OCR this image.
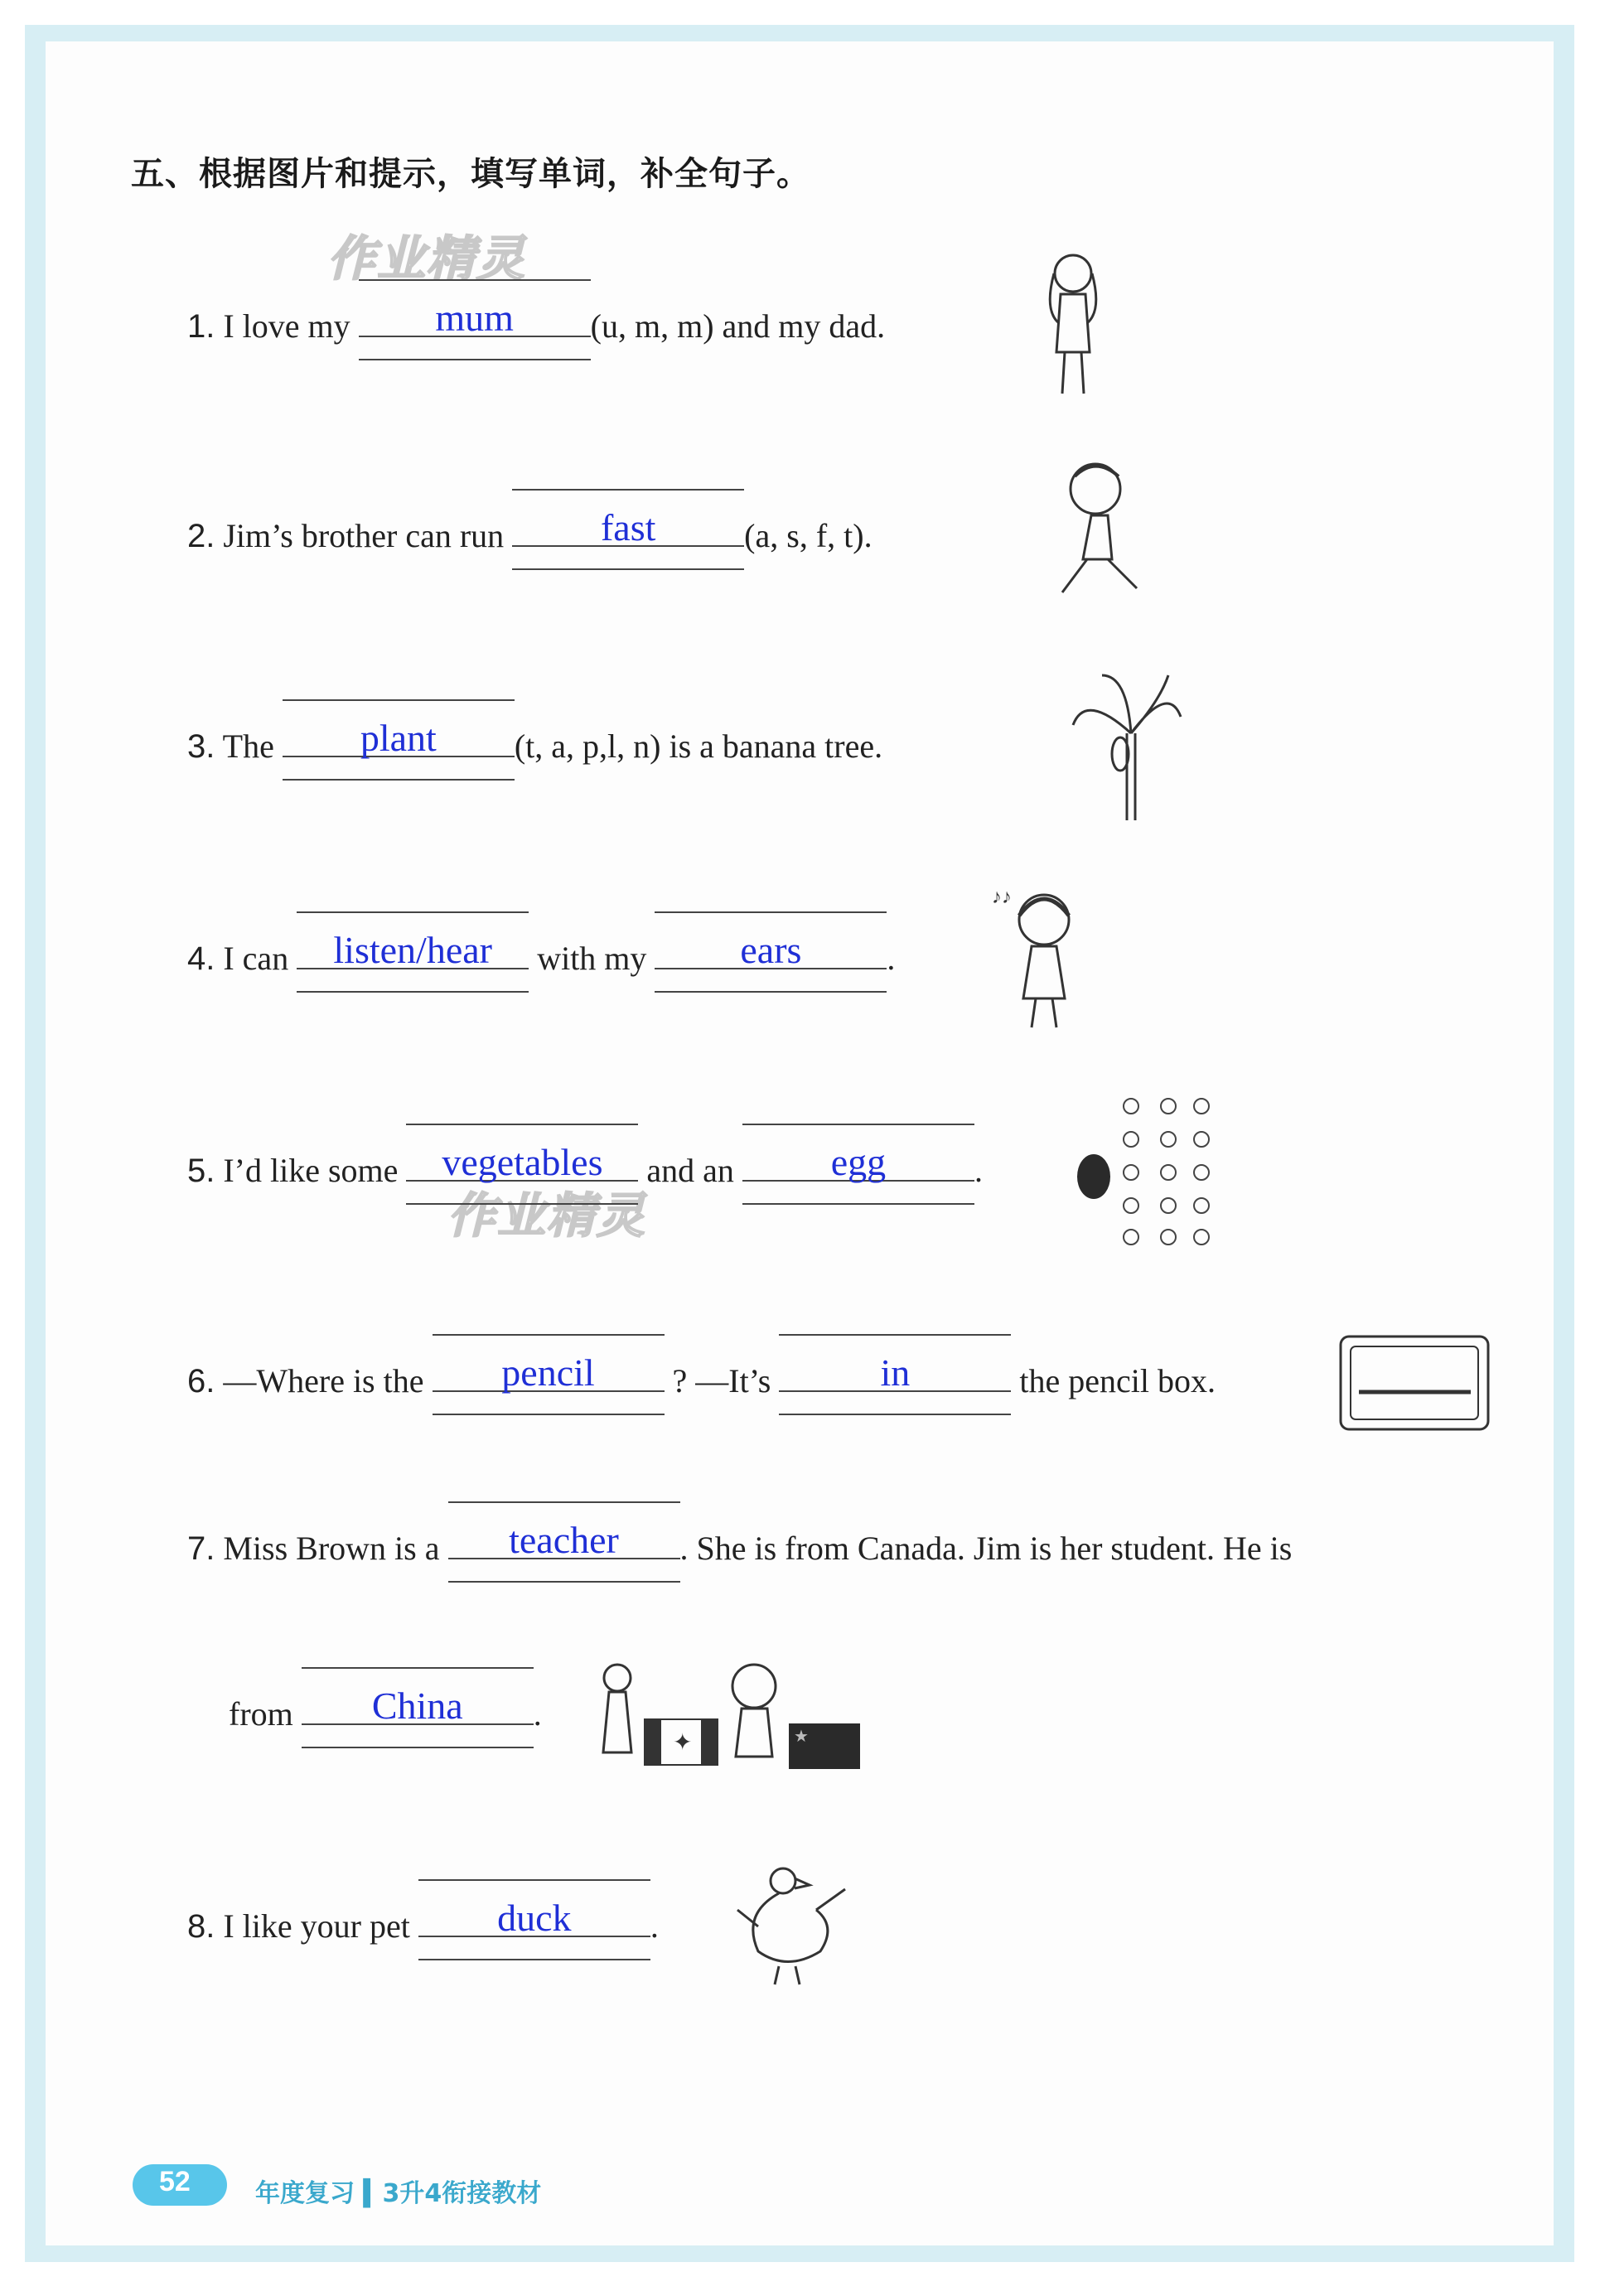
五、根据图片和提示，填写单词，补全句子。
作业精灵
作业精灵
1. I love my mum (u, m, m) and my dad.
2. Jim’s brother can run	fast	(a, s, f, t).
3. The plant (t, a, p,l, n) is a banana tree.
4. I can listen/hear with my ears	.
5. I’d like some vegetables and an	egg	.
6. —Where is the pencil ? —It’s	in	the pencil box.
7. Miss Brown is a teacher . She is from Canada. Jim is her student. He is
from China .
8. I like your pet duck .
♪♪
✦	★
52	年度复习 ▍3升4衔接教材
